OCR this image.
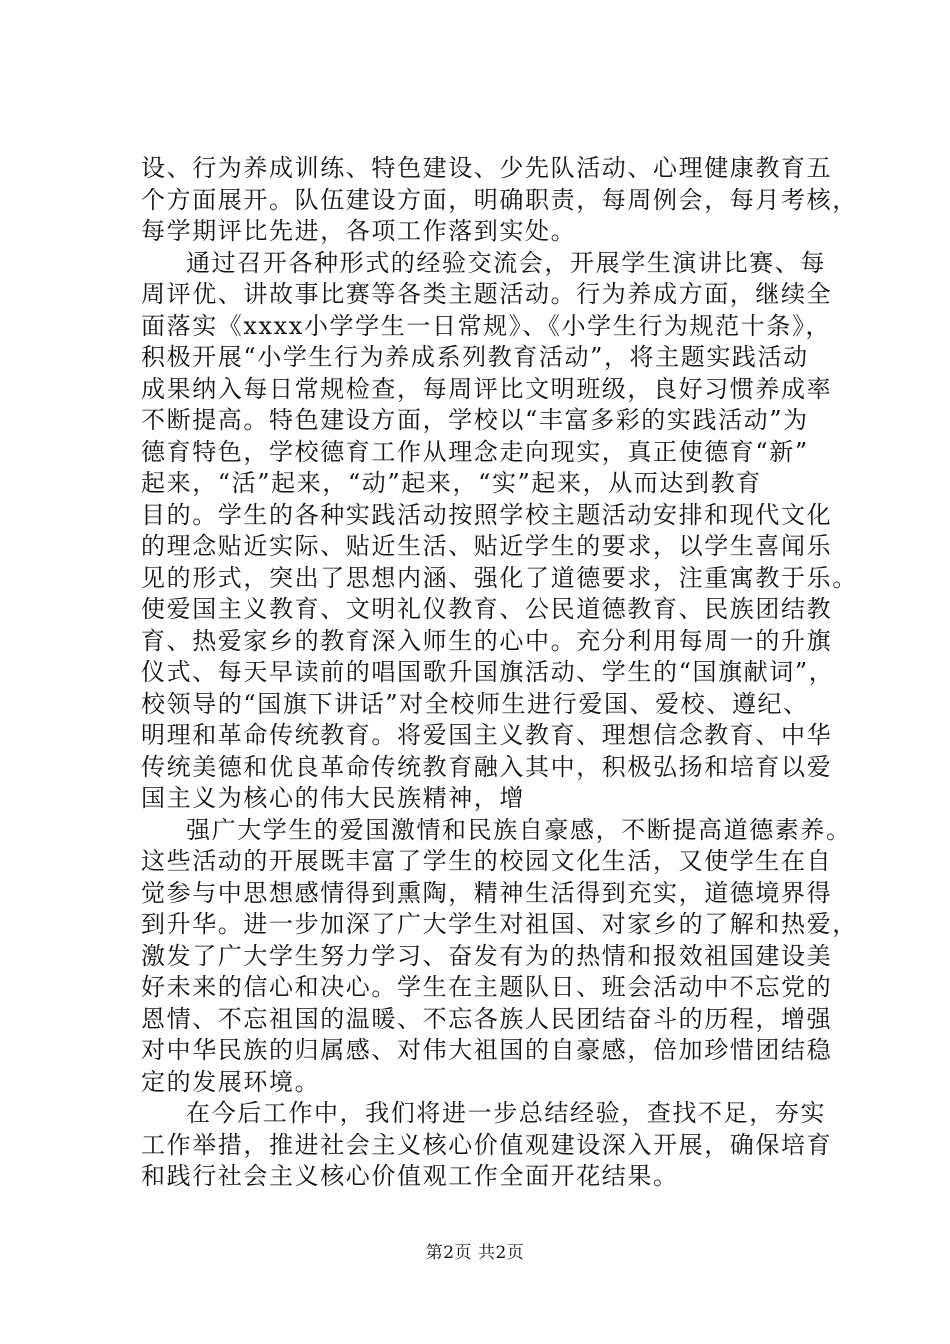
设、行为养成训练、特色建设、少先队活动、心理健康教育五
个方面展开。队伍建设方面，明确职责，每周例会，每月考核，
每学期评比先进，各项工作落到实处。
通过召开各种形式的经验交流会，开展学生演讲比赛、每
周评优、讲故事比赛等各类主题活动。行为养成方面，继续全
面落实《xxxx小学学生一日常规》、《小学生行为规范十条》，
积极开展“小学生行为养成系列教育活动”，将主题实践活动
成果纳入每日常规检查，每周评比文明班级，良好习惯养成率
不断提高。特色建设方面，学校以“丰富多彩的实践活动”为
德育特色，学校德育工作从理念走向现实，真正使德育“新”
起来，“活”起来，“动”起来，“实”起来，从而达到教育
目的。学生的各种实践活动按照学校主题活动安排和现代文化
的理念贴近实际、贴近生活、贴近学生的要求，以学生喜闻乐
见的形式，突出了思想内涵、强化了道德要求，注重寓教于乐。
使爱国主义教育、文明礼仪教育、公民道德教育、民族团结教
育、热爱家乡的教育深入师生的心中。充分利用每周一的升旗
仪式、每天早读前的唱国歌升国旗活动、学生的“国旗献词”，
校领导的“国旗下讲话”对全校师生进行爱国、爱校、遵纪、
明理和革命传统教育。将爱国主义教育、理想信念教育、中华
传统美德和优良革命传统教育融入其中，积极弘扬和培育以爱
国主义为核心的伟大民族精神，增
强广大学生的爱国激情和民族自豪感，不断提高道德素养。
这些活动的开展既丰富了学生的校园文化生活，又使学生在自
觉参与中思想感情得到熏陶，精神生活得到充实，道德境界得
到升华。进一步加深了广大学生对祖国、对家乡的了解和热爱，
激发了广大学生努力学习、奋发有为的热情和报效祖国建设美
好未来的信心和决心。学生在主题队日、班会活动中不忘党的
恩情、不忘祖国的温暖、不忘各族人民团结奋斗的历程，增强
对中华民族的归属感、对伟大祖国的自豪感，倍加珍惜团结稳
定的发展环境。
在今后工作中，我们将进一步总结经验，查找不足，夯实
工作举措，推进社会主义核心价值观建设深入开展，确保培育
和践行社会主义核心价值观工作全面开花结果。
第2页 共2页
